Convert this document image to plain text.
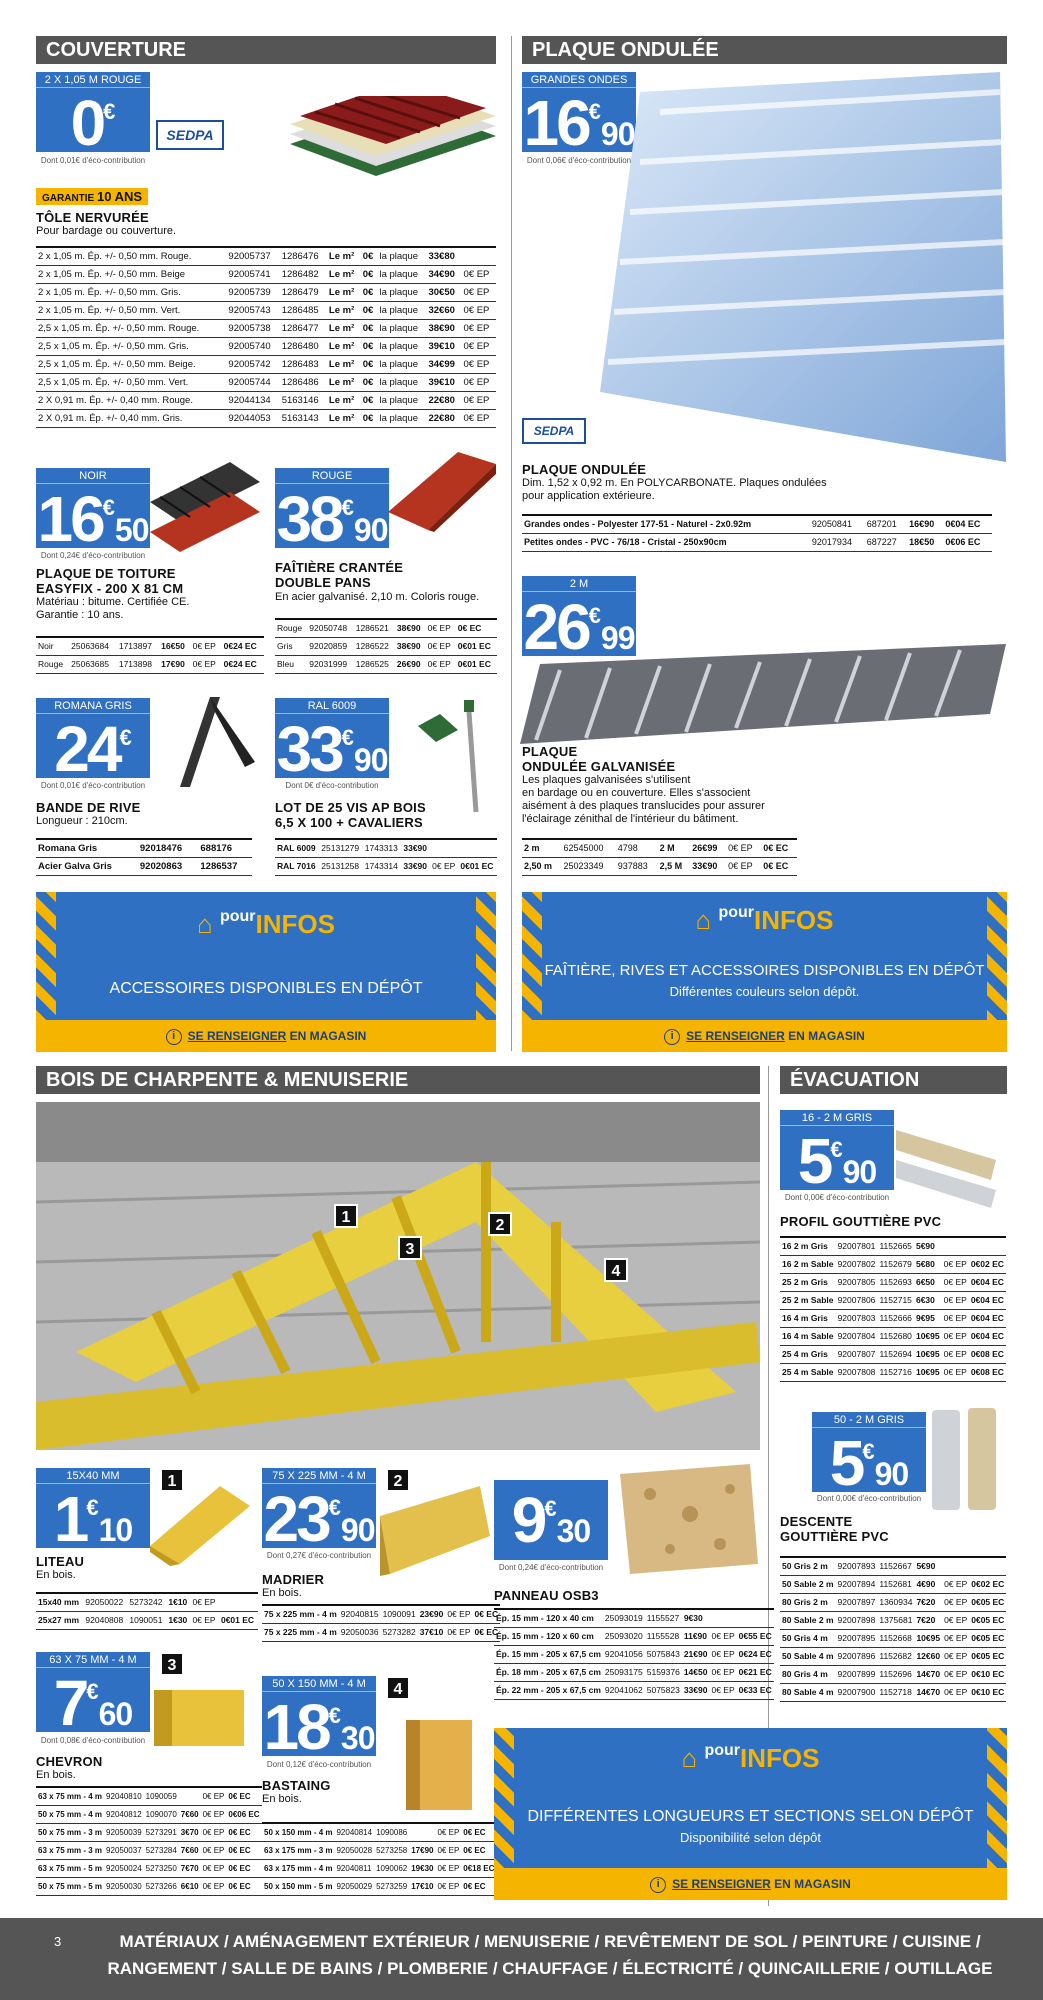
COUVERTURE
2 X 1,05 M ROUGE
0€
Dont 0,01€ d'éco-contribution
SEDPA
GARANTIE 10 ANS
TÔLE NERVURÉE
Pour bardage ou couverture.
2 x 1,05 m. Ép. +/- 0,50 mm. Rouge.	92005737	1286476	Le m²	0€	la plaque	33€80	
2 x 1,05 m. Ép. +/- 0,50 mm. Beige	92005741	1286482	Le m²	0€	la plaque	34€90	0€ EP
2 x 1,05 m. Ép. +/- 0,50 mm. Gris.	92005739	1286479	Le m²	0€	la plaque	30€50	0€ EP
2 x 1,05 m. Ép. +/- 0,50 mm. Vert.	92005743	1286485	Le m²	0€	la plaque	32€60	0€ EP
2,5 x 1,05 m. Ép. +/- 0,50 mm. Rouge.	92005738	1286477	Le m²	0€	la plaque	38€90	0€ EP
2,5 x 1,05 m. Ép. +/- 0,50 mm. Gris.	92005740	1286480	Le m²	0€	la plaque	39€10	0€ EP
2,5 x 1,05 m. Ép. +/- 0,50 mm. Beige.	92005742	1286483	Le m²	0€	la plaque	34€99	0€ EP
2,5 x 1,05 m. Ép. +/- 0,50 mm. Vert.	92005744	1286486	Le m²	0€	la plaque	39€10	0€ EP
2 X 0,91 m. Ép. +/- 0,40 mm. Rouge.	92044134	5163146	Le m²	0€	la plaque	22€80	0€ EP
2 X 0,91 m. Ép. +/- 0,40 mm. Gris.	92044053	5163143	Le m²	0€	la plaque	22€80	0€ EP
NOIR
16€50
Dont 0,24€ d'éco-contribution
PLAQUE DE TOITURE
EASYFIX - 200 X 81 CM
Matériau : bitume. Certifiée CE.
Garantie : 10 ans.
Noir	25063684	1713897	16€50	0€ EP	0€24 EC
Rouge	25063685	1713898	17€90	0€ EP	0€24 EC
ROUGE
38€90
FAÎTIÈRE CRANTÉE
DOUBLE PANS
En acier galvanisé. 2,10 m. Coloris rouge.
Rouge	92050748	1286521	38€90	0€ EP	0€ EC
Gris	92020859	1286522	38€90	0€ EP	0€01 EC
Bleu	92031999	1286525	26€90	0€ EP	0€01 EC
ROMANA GRIS
24€
Dont 0,01€ d'éco-contribution
BANDE DE RIVE
Longueur : 210cm.
Romana Gris	92018476	688176
Acier Galva Gris	92020863	1286537
RAL 6009
33€90
Dont 0€ d'éco-contribution
LOT DE 25 VIS AP BOIS
6,5 X 100 + CAVALIERS
RAL 6009	25131279	1743313	33€90		
RAL 7016	25131258	1743314	33€90	0€ EP	0€01 EC
⌂ $^{pour}$INFOS
ACCESSOIRES DISPONIBLES EN DÉPÔT
i SE RENSEIGNER EN MAGASIN
PLAQUE ONDULÉE
GRANDES ONDES
16€90
Dont 0,06€ d'éco-contribution
SEDPA
PLAQUE ONDULÉE
Dim. 1,52 x 0,92 m. En POLYCARBONATE. Plaques ondulées
pour application extérieure.
Grandes ondes - Polyester 177-51 - Naturel - 2x0.92m	92050841	687201	16€90	0€04 EC
Petites ondes - PVC - 76/18 - Cristal - 250x90cm	92017934	687227	18€50	0€06 EC
2 M
26€99
PLAQUE
ONDULÉE GALVANISÉE
Les plaques galvanisées s'utilisent
en bardage ou en couverture. Elles s'associent
aisément à des plaques translucides pour assurer
l'éclairage zénithal de l'intérieur du bâtiment.
2 m	62545000	4798	2 M	26€99	0€ EP	0€ EC
2,50 m	25023349	937883	2,5 M	33€90	0€ EP	0€ EC
⌂ $^{pour}$INFOS
FAÎTIÈRE, RIVES ET ACCESSOIRES DISPONIBLES EN DÉPÔT
Différentes couleurs selon dépôt.
i SE RENSEIGNER EN MAGASIN
BOIS DE CHARPENTE & MENUISERIE
1	2
3
4
15X40 MM
1€10
1
LITEAU
En bois.
15x40 mm	92050022	5273242	1€10	0€ EP	
25x27 mm	92040808	1090051	1€30	0€ EP	0€01 EC
75 X 225 MM - 4 M
23€90
Dont 0,27€ d'éco-contribution
2
MADRIER
En bois.
75 x 225 mm - 4 m	92040815	1090091	23€90	0€ EP	0€ EC
75 x 225 mm - 4 m	92050036	5273282	37€10	0€ EP	0€ EC
9€30
Dont 0,24€ d'éco-contribution
PANNEAU OSB3
Ép. 15 mm - 120 x 40 cm	25093019	1155527	9€30		
Ép. 15 mm - 120 x 60 cm	25093020	1155528	11€90	0€ EP	0€55 EC
Ép. 15 mm - 205 x 67,5 cm	92041056	5075843	21€90	0€ EP	0€24 EC
Ép. 18 mm - 205 x 67,5 cm	25093175	5159376	14€50	0€ EP	0€21 EC
Ép. 22 mm - 205 x 67,5 cm	92041062	5075823	33€90	0€ EP	0€33 EC
63 X 75 MM - 4 M
7€60
Dont 0,08€ d'éco-contribution
3
CHEVRON
En bois.
63 x 75 mm - 4 m	92040810	1090059		0€ EP	0€ EC
50 x 75 mm - 4 m	92040812	1090070	7€60	0€ EP	0€06 EC
50 x 75 mm - 3 m	92050039	5273291	3€70	0€ EP	0€ EC
63 x 75 mm - 3 m	92050037	5273284	7€60	0€ EP	0€ EC
63 x 75 mm - 5 m	92050024	5273250	7€70	0€ EP	0€ EC
50 x 75 mm - 5 m	92050030	5273266	6€10	0€ EP	0€ EC
50 X 150 MM - 4 M
18€30
Dont 0,12€ d'éco-contribution
4
BASTAING
En bois.
50 x 150 mm - 4 m	92040814	1090086		0€ EP	0€ EC
63 x 175 mm - 3 m	92050028	5273258	17€90	0€ EP	0€ EC
63 x 175 mm - 4 m	92040811	1090062	19€30	0€ EP	0€18 EC
50 x 150 mm - 5 m	92050029	5273259	17€10	0€ EP	0€ EC
ÉVACUATION
16 - 2 M GRIS
5€90
Dont 0,00€ d'éco-contribution
PROFIL GOUTTIÈRE PVC
16 2 m Gris	92007801	1152665	5€90		
16 2 m Sable	92007802	1152679	5€80	0€ EP	0€02 EC
25 2 m Gris	92007805	1152693	6€50	0€ EP	0€04 EC
25 2 m Sable	92007806	1152715	6€30	0€ EP	0€04 EC
16 4 m Gris	92007803	1152666	9€95	0€ EP	0€04 EC
16 4 m Sable	92007804	1152680	10€95	0€ EP	0€04 EC
25 4 m Gris	92007807	1152694	10€95	0€ EP	0€08 EC
25 4 m Sable	92007808	1152716	10€95	0€ EP	0€08 EC
50 - 2 M GRIS
5€90
Dont 0,00€ d'éco-contribution
DESCENTE
GOUTTIÈRE PVC
50 Gris 2 m	92007893	1152667	5€90		
50 Sable 2 m	92007894	1152681	4€90	0€ EP	0€02 EC
80 Gris 2 m	92007897	1360934	7€20	0€ EP	0€05 EC
80 Sable 2 m	92007898	1375681	7€20	0€ EP	0€05 EC
50 Gris 4 m	92007895	1152668	10€95	0€ EP	0€05 EC
50 Sable 4 m	92007896	1152682	12€60	0€ EP	0€05 EC
80 Gris 4 m	92007899	1152696	14€70	0€ EP	0€10 EC
80 Sable 4 m	92007900	1152718	14€70	0€ EP	0€10 EC
⌂ $^{pour}$INFOS
DIFFÉRENTES LONGUEURS ET SECTIONS SELON DÉPÔT
Disponibilité selon dépôt
i SE RENSEIGNER EN MAGASIN
3	MATÉRIAUX / AMÉNAGEMENT EXTÉRIEUR / MENUISERIE / REVÊTEMENT DE SOL / PEINTURE / CUISINE /
RANGEMENT / SALLE DE BAINS / PLOMBERIE / CHAUFFAGE / ÉLECTRICITÉ / QUINCAILLERIE / OUTILLAGE
